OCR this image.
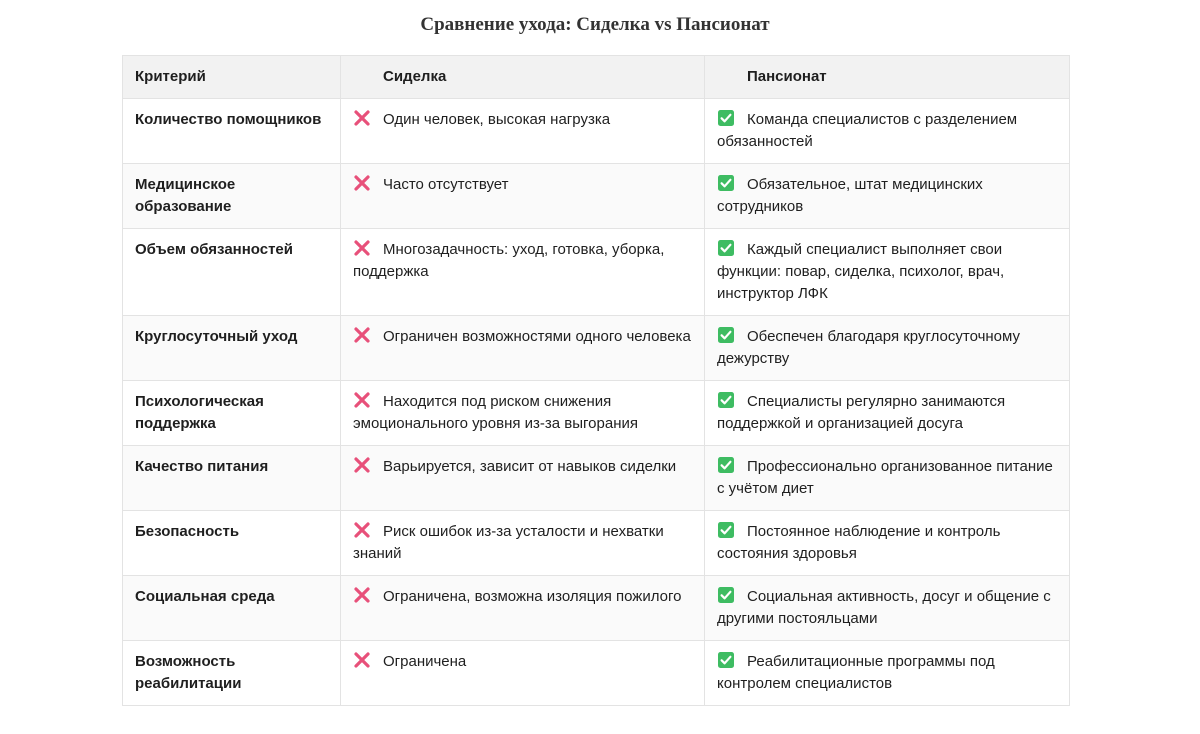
Сравнение ухода: Сиделка vs Пансионат
Критерий	Сиделка	Пансионат
Количество помощников	Один человек, высокая нагрузка	Команда специалистов с разделением обязанностей
Медицинское образование	Часто отсутствует	Обязательное, штат медицинских сотрудников
Объем обязанностей	Многозадачность: уход, готовка, уборка, поддержка	Каждый специалист выполняет свои функции: повар, сиделка, психолог, врач, инструктор ЛФК
Круглосуточный уход	Ограничен возможностями одного человека	Обеспечен благодаря круглосуточному дежурству
Психологическая поддержка	Находится под риском снижения эмоционального уровня из-за выгорания	Специалисты регулярно занимаются поддержкой и организацией досуга
Качество питания	Варьируется, зависит от навыков сиделки	Профессионально организованное питание с учётом диет
Безопасность	Риск ошибок из-за усталости и нехватки знаний	Постоянное наблюдение и контроль состояния здоровья
Социальная среда	Ограничена, возможна изоляция пожилого	Социальная активность, досуг и общение с другими постояльцами
Возможность реабилитации	Ограничена	Реабилитационные программы под контролем специалистов
